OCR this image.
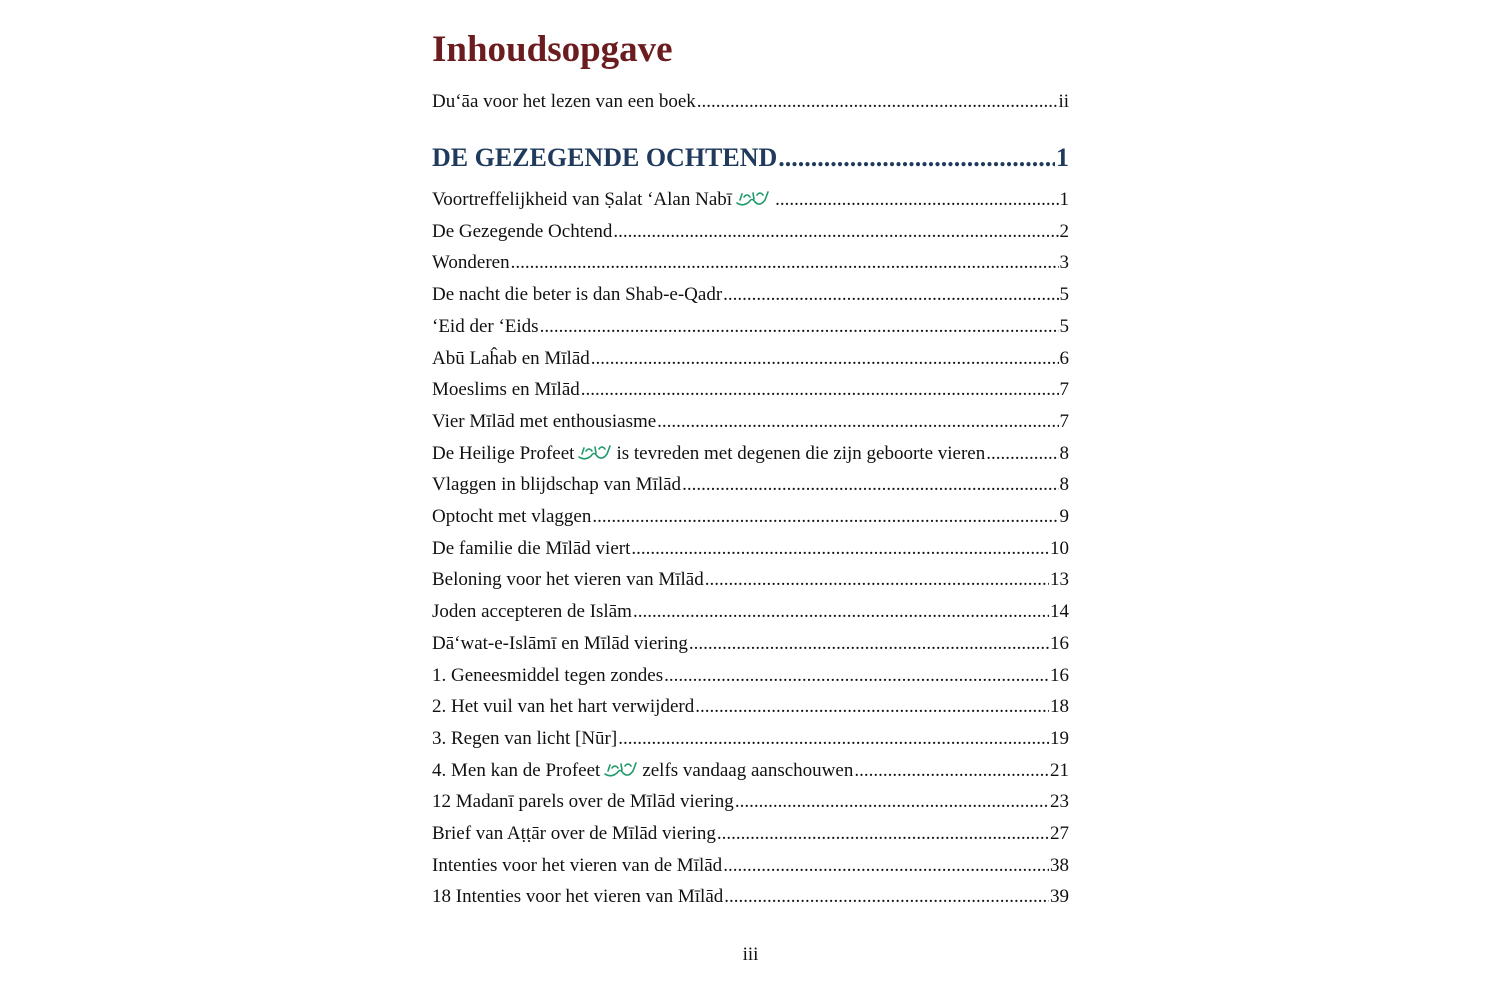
Inhoudsopgave
Du‘āa voor het lezen van een boek .....	ii
DE GEZEGENDE OCHTEND .....	1
Voortreffelijkheid van Ṣalat ‘Alan Nabī .....	1
De Gezegende Ochtend .....	2
Wonderen .....	3
De nacht die beter is dan Shab-e-Qadr .....	5
‘Eid der ‘Eids .....	5
Abū Laĥab en Mīlād .....	6
Moeslims en Mīlād .....	7
Vier Mīlād met enthousiasme .....	7
De Heilige Profeet is tevreden met degenen die zijn geboorte vieren .....	8
Vlaggen in blijdschap van Mīlād .....	8
Optocht met vlaggen .....	9
De familie die Mīlād viert .....	10
Beloning voor het vieren van Mīlād .....	13
Joden accepteren de Islām .....	14
Dā‘wat-e-Islāmī en Mīlād viering .....	16
1. Geneesmiddel tegen zondes .....	16
2. Het vuil van het hart verwijderd .....	18
3. Regen van licht [Nūr] .....	19
4. Men kan de Profeet zelfs vandaag aanschouwen .....	21
12 Madanī parels over de Mīlād viering .....	23
Brief van Aṭṭār over de Mīlād viering .....	27
Intenties voor het vieren van de Mīlād .....	38
18 Intenties voor het vieren van Mīlād .....	39
iii
